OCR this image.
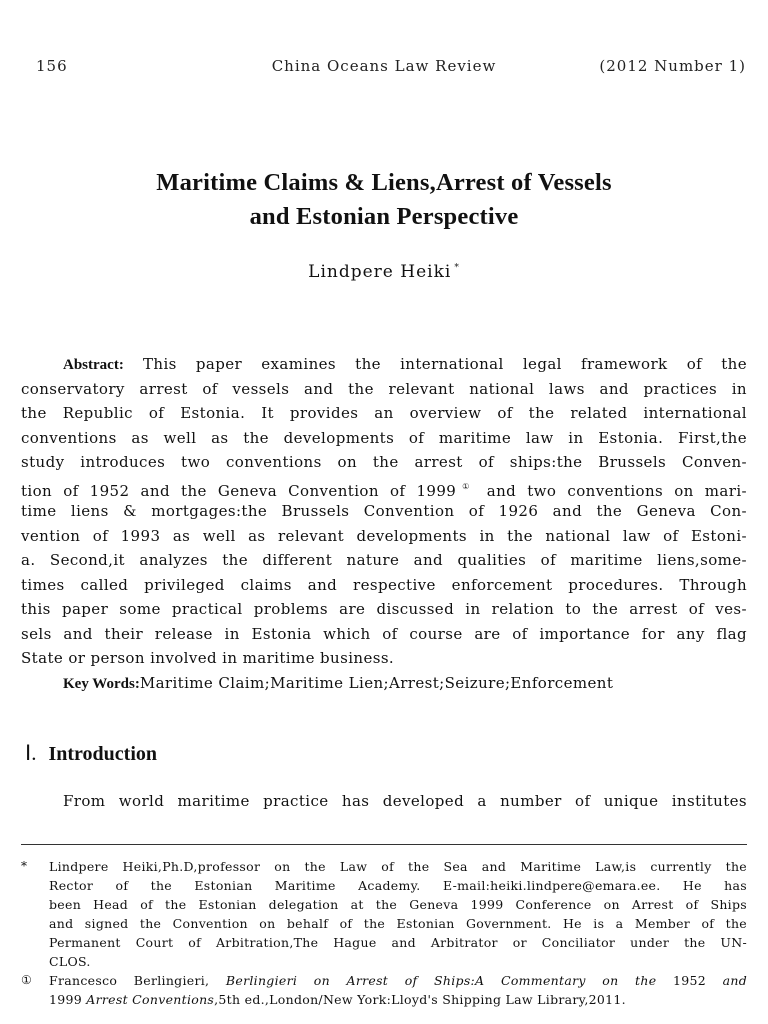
156	China Oceans Law Review	(2012 Number 1)
Maritime Claims & Liens,Arrest of Vessels
and Estonian Perspective
Lindpere Heiki *
Abstract: This paper examines the international legal framework of the
conservatory arrest of vessels and the relevant national laws and practices in
the Republic of Estonia. It provides an overview of the related international
conventions as well as the developments of maritime law in Estonia. First,the
study introduces two conventions on the arrest of ships:the Brussels Conven-
tion of 1952 and the Geneva Convention of 1999① and two conventions on mari-
time liens & mortgages:the Brussels Convention of 1926 and the Geneva Con-
vention of 1993 as well as relevant developments in the national law of Estoni-
a. Second,it analyzes the different nature and qualities of maritime liens,some-
times called privileged claims and respective enforcement procedures. Through
this paper some practical problems are discussed in relation to the arrest of ves-
sels and their release in Estonia which of course are of importance for any flag
State or person involved in maritime business.
Key Words:Maritime Claim;Maritime Lien;Arrest;Seizure;Enforcement
Ⅰ. Introduction
From world maritime practice has developed a number of unique institutes
* Lindpere Heiki,Ph.D,professor on the Law of the Sea and Maritime Law,is currently the
Rector of the Estonian Maritime Academy. E-mail:heiki.lindpere@emara.ee. He has
been Head of the Estonian delegation at the Geneva 1999 Conference on Arrest of Ships
and signed the Convention on behalf of the Estonian Government. He is a Member of the
Permanent Court of Arbitration,The Hague and Arbitrator or Conciliator under the UN-
CLOS.
① Francesco Berlingieri, Berlingieri on Arrest of Ships:A Commentary on the 1952 and
1999 Arrest Conventions,5th ed.,London/New York:Lloyd's Shipping Law Library,2011.
